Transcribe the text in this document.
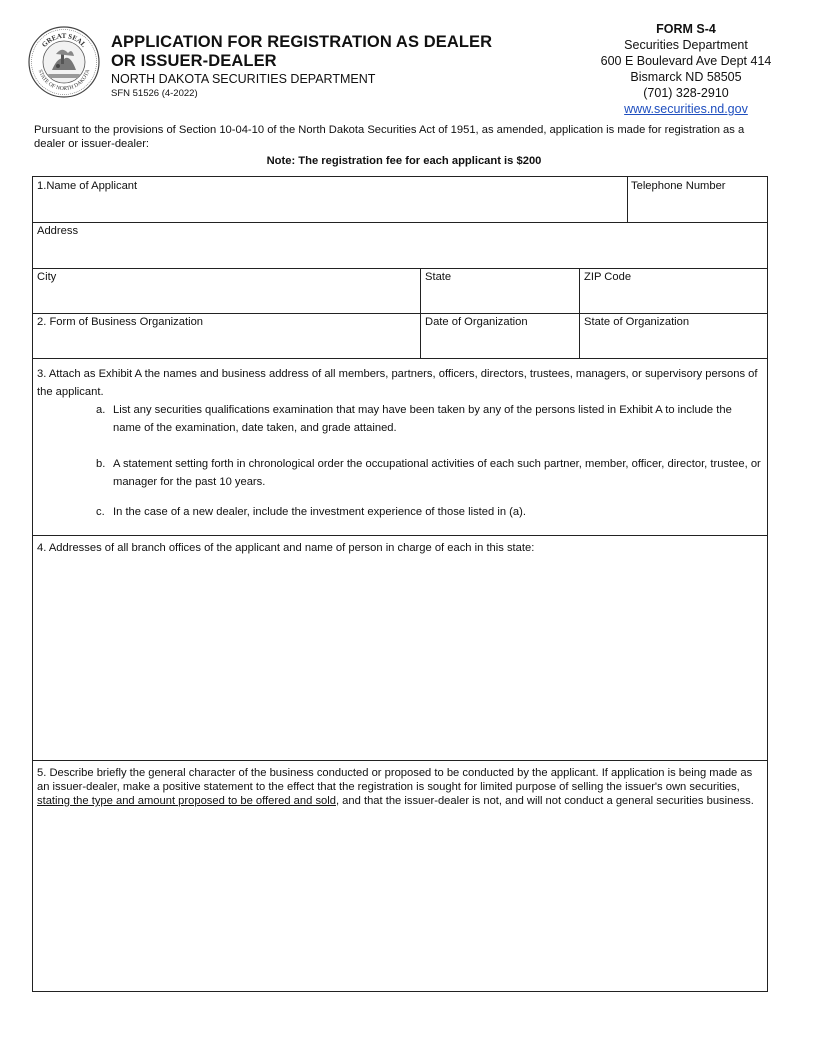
GREAT SEAL
STATE OF NORTH DAKOTA
APPLICATION FOR REGISTRATION AS DEALER
OR ISSUER-DEALER
NORTH DAKOTA SECURITIES DEPARTMENT
SFN 51526 (4-2022)
FORM S-4
Securities Department
600 E Boulevard Ave Dept 414
Bismarck ND 58505
(701) 328-2910
www.securities.nd.gov
Pursuant to the provisions of Section 10-04-10 of the North Dakota Securities Act of 1951, as amended, application is made for registration as a dealer or issuer-dealer:
Note: The registration fee for each applicant is $200
1.Name of Applicant	Telephone Number
Address
City	State	ZIP Code
2. Form of Business Organization	Date of Organization	State of Organization
3. Attach as Exhibit A the names and business address of all members, partners, officers, directors, trustees, managers, or supervisory persons of the applicant.
a. List any securities qualifications examination that may have been taken by any of the persons listed in Exhibit A to include the name of the examination, date taken, and grade attained.
b. A statement setting forth in chronological order the occupational activities of each such partner, member, officer, director, trustee, or manager for the past 10 years.
c. In the case of a new dealer, include the investment experience of those listed in (a).
4. Addresses of all branch offices of the applicant and name of person in charge of each in this state:
5. Describe briefly the general character of the business conducted or proposed to be conducted by the applicant. If application is being made as an issuer-dealer, make a positive statement to the effect that the registration is sought for limited purpose of selling the issuer's own securities, stating the type and amount proposed to be offered and sold, and that the issuer-dealer is not, and will not conduct a general securities business.
